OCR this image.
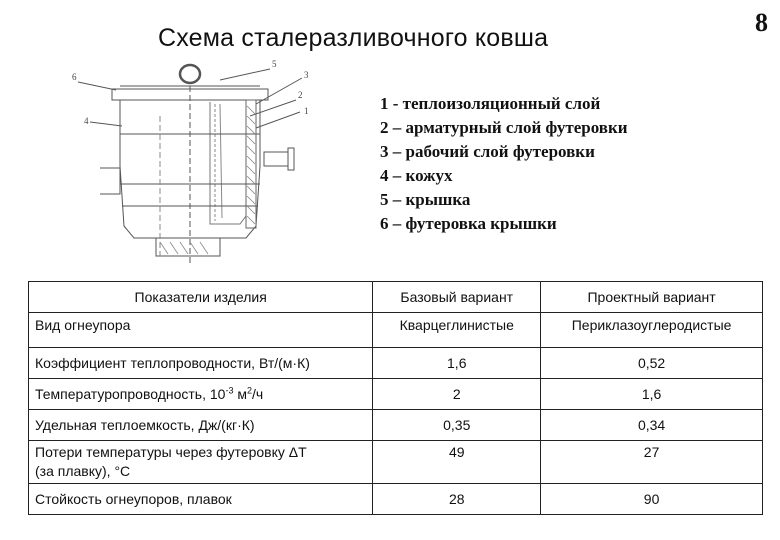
Схема сталеразливочного ковша
8
6
5
3
2
1
4
1 - теплоизоляционный слой
2 – арматурный слой футеровки
3 – рабочий слой футеровки
4 – кожух
5 – крышка
6 – футеровка крышки
Показатели изделия	Базовый вариант	Проектный вариант
Вид огнеупора	Кварцеглинистые	Периклазоуглеродистые
Коэффициент теплопроводности, Вт/(м·К)	1,6	0,52
Температуропроводность, $10^{-3}$ $м^2/ч$	2	1,6
Удельная теплоемкость, Дж/(кг·К)	0,35	0,34
Потери температуры через футеровку ΔТ
(за плавку), °С	49	27
Стойкость огнеупоров, плавок	28	90
